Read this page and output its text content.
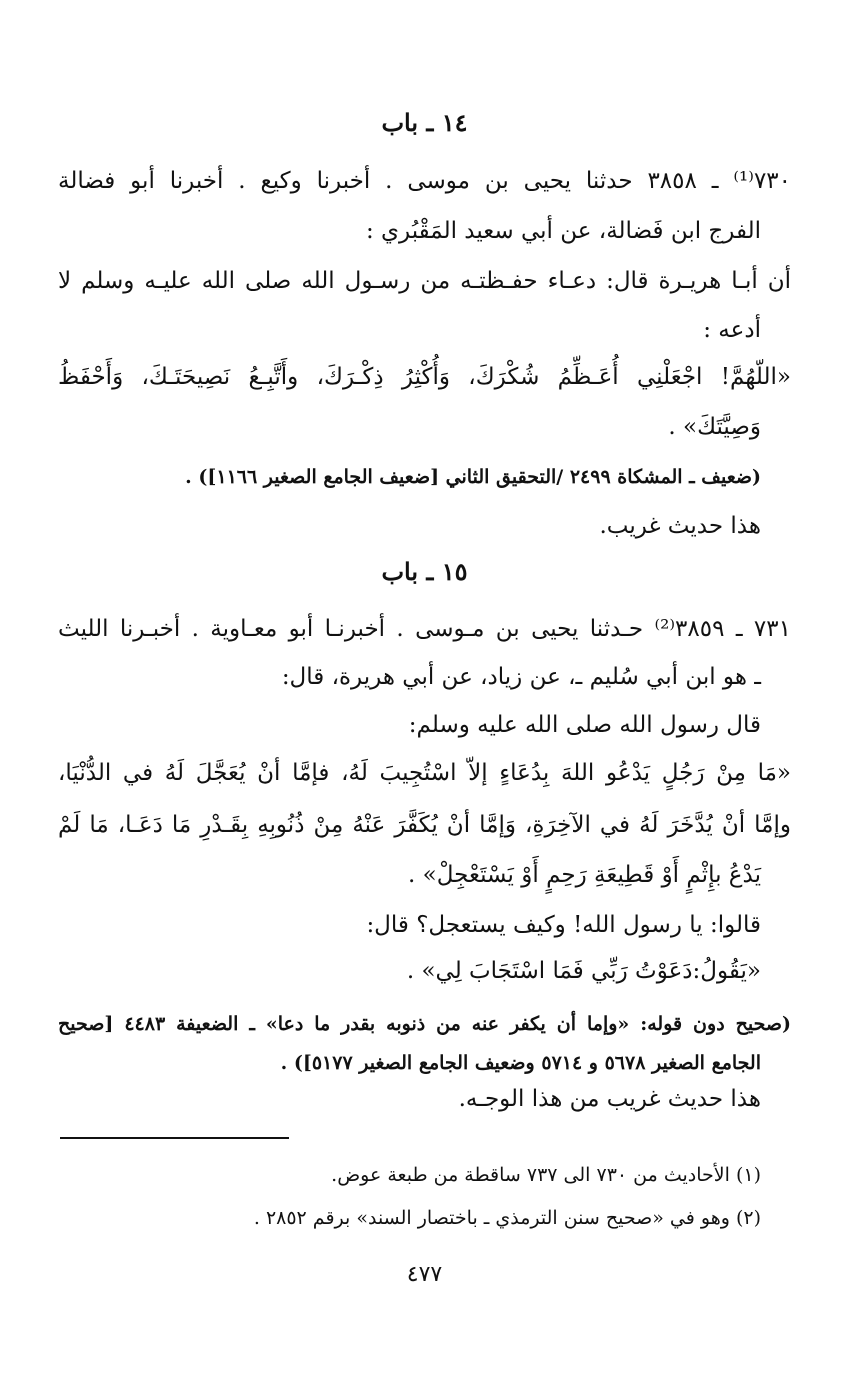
١٤ ـ باب
٧٣٠⁽¹⁾ ـ ٣٨٥٨ حدثنا يحيى بن موسى . أخبرنا وكيع . أخبرنا أبو فضالة
الفرج ابن فَضالة، عن أبي سعيد المَقْبُري :
أن أبـا هريـرة قال: دعـاء حفـظتـه من رسـول الله صلى الله عليـه وسلم لا
أدعه :
«اللّهُمَّ! اجْعَلْنِي أُعَـظِّمُ شُكْرَكَ، وَأُكْثِرُ ذِكْـرَكَ، وأَتَّبِـعُ نَصِيحَتَـكَ، وَأَحْفَظُ
وَصِيَّتَكَ» .
(ضعيف ـ المشكاة ٢٤٩٩ /التحقيق الثاني [ضعيف الجامع الصغير ١١٦٦]) .
هذا حديث غريب.
١٥ ـ باب
٧٣١ ـ ٣٨٥٩⁽²⁾ حـدثنا يحيى بن مـوسى . أخبرنـا أبو معـاوية . أخبـرنا الليث
ـ هو ابن أبي سُليم ـ، عن زياد، عن أبي هريرة، قال:
قال رسول الله صلى الله عليه وسلم:
«مَا مِنْ رَجُلٍ يَدْعُو اللهَ بِدُعَاءٍ إلاّ اسْتُجِيبَ لَهُ، فإمَّا أنْ يُعَجَّلَ لَهُ في الدُّنْيَا،
وإمَّا أنْ يُدَّخَرَ لَهُ في الآخِرَةِ، وَإمَّا أنْ يُكَفَّرَ عَنْهُ مِنْ ذُنُوبِهِ بِقَـدْرِ مَا دَعَـا، مَا لَمْ
يَدْعُ بإِثْمٍ أَوْ قَطِيعَةِ رَحِمٍ أَوْ يَسْتَعْجِلْ» .
قالوا: يا رسول الله! وكيف يستعجل؟ قال:
«يَقُولُ:دَعَوْتُ رَبِّي فَمَا اسْتَجَابَ لِي» .
(صحيح دون قوله: «وإما أن يكفر عنه من ذنوبه بقدر ما دعا» ـ الضعيفة ٤٤٨٣ [صحيح
الجامع الصغير ٥٦٧٨ و ٥٧١٤ وضعيف الجامع الصغير ٥١٧٧]) .
هذا حديث غريب من هذا الوجـه.
(١) الأحاديث من ٧٣٠ الى ٧٣٧ ساقطة من طبعة عوض.
(٢) وهو في «صحيح سنن الترمذي ـ باختصار السند» برقم ٢٨٥٢ .
٤٧٧
